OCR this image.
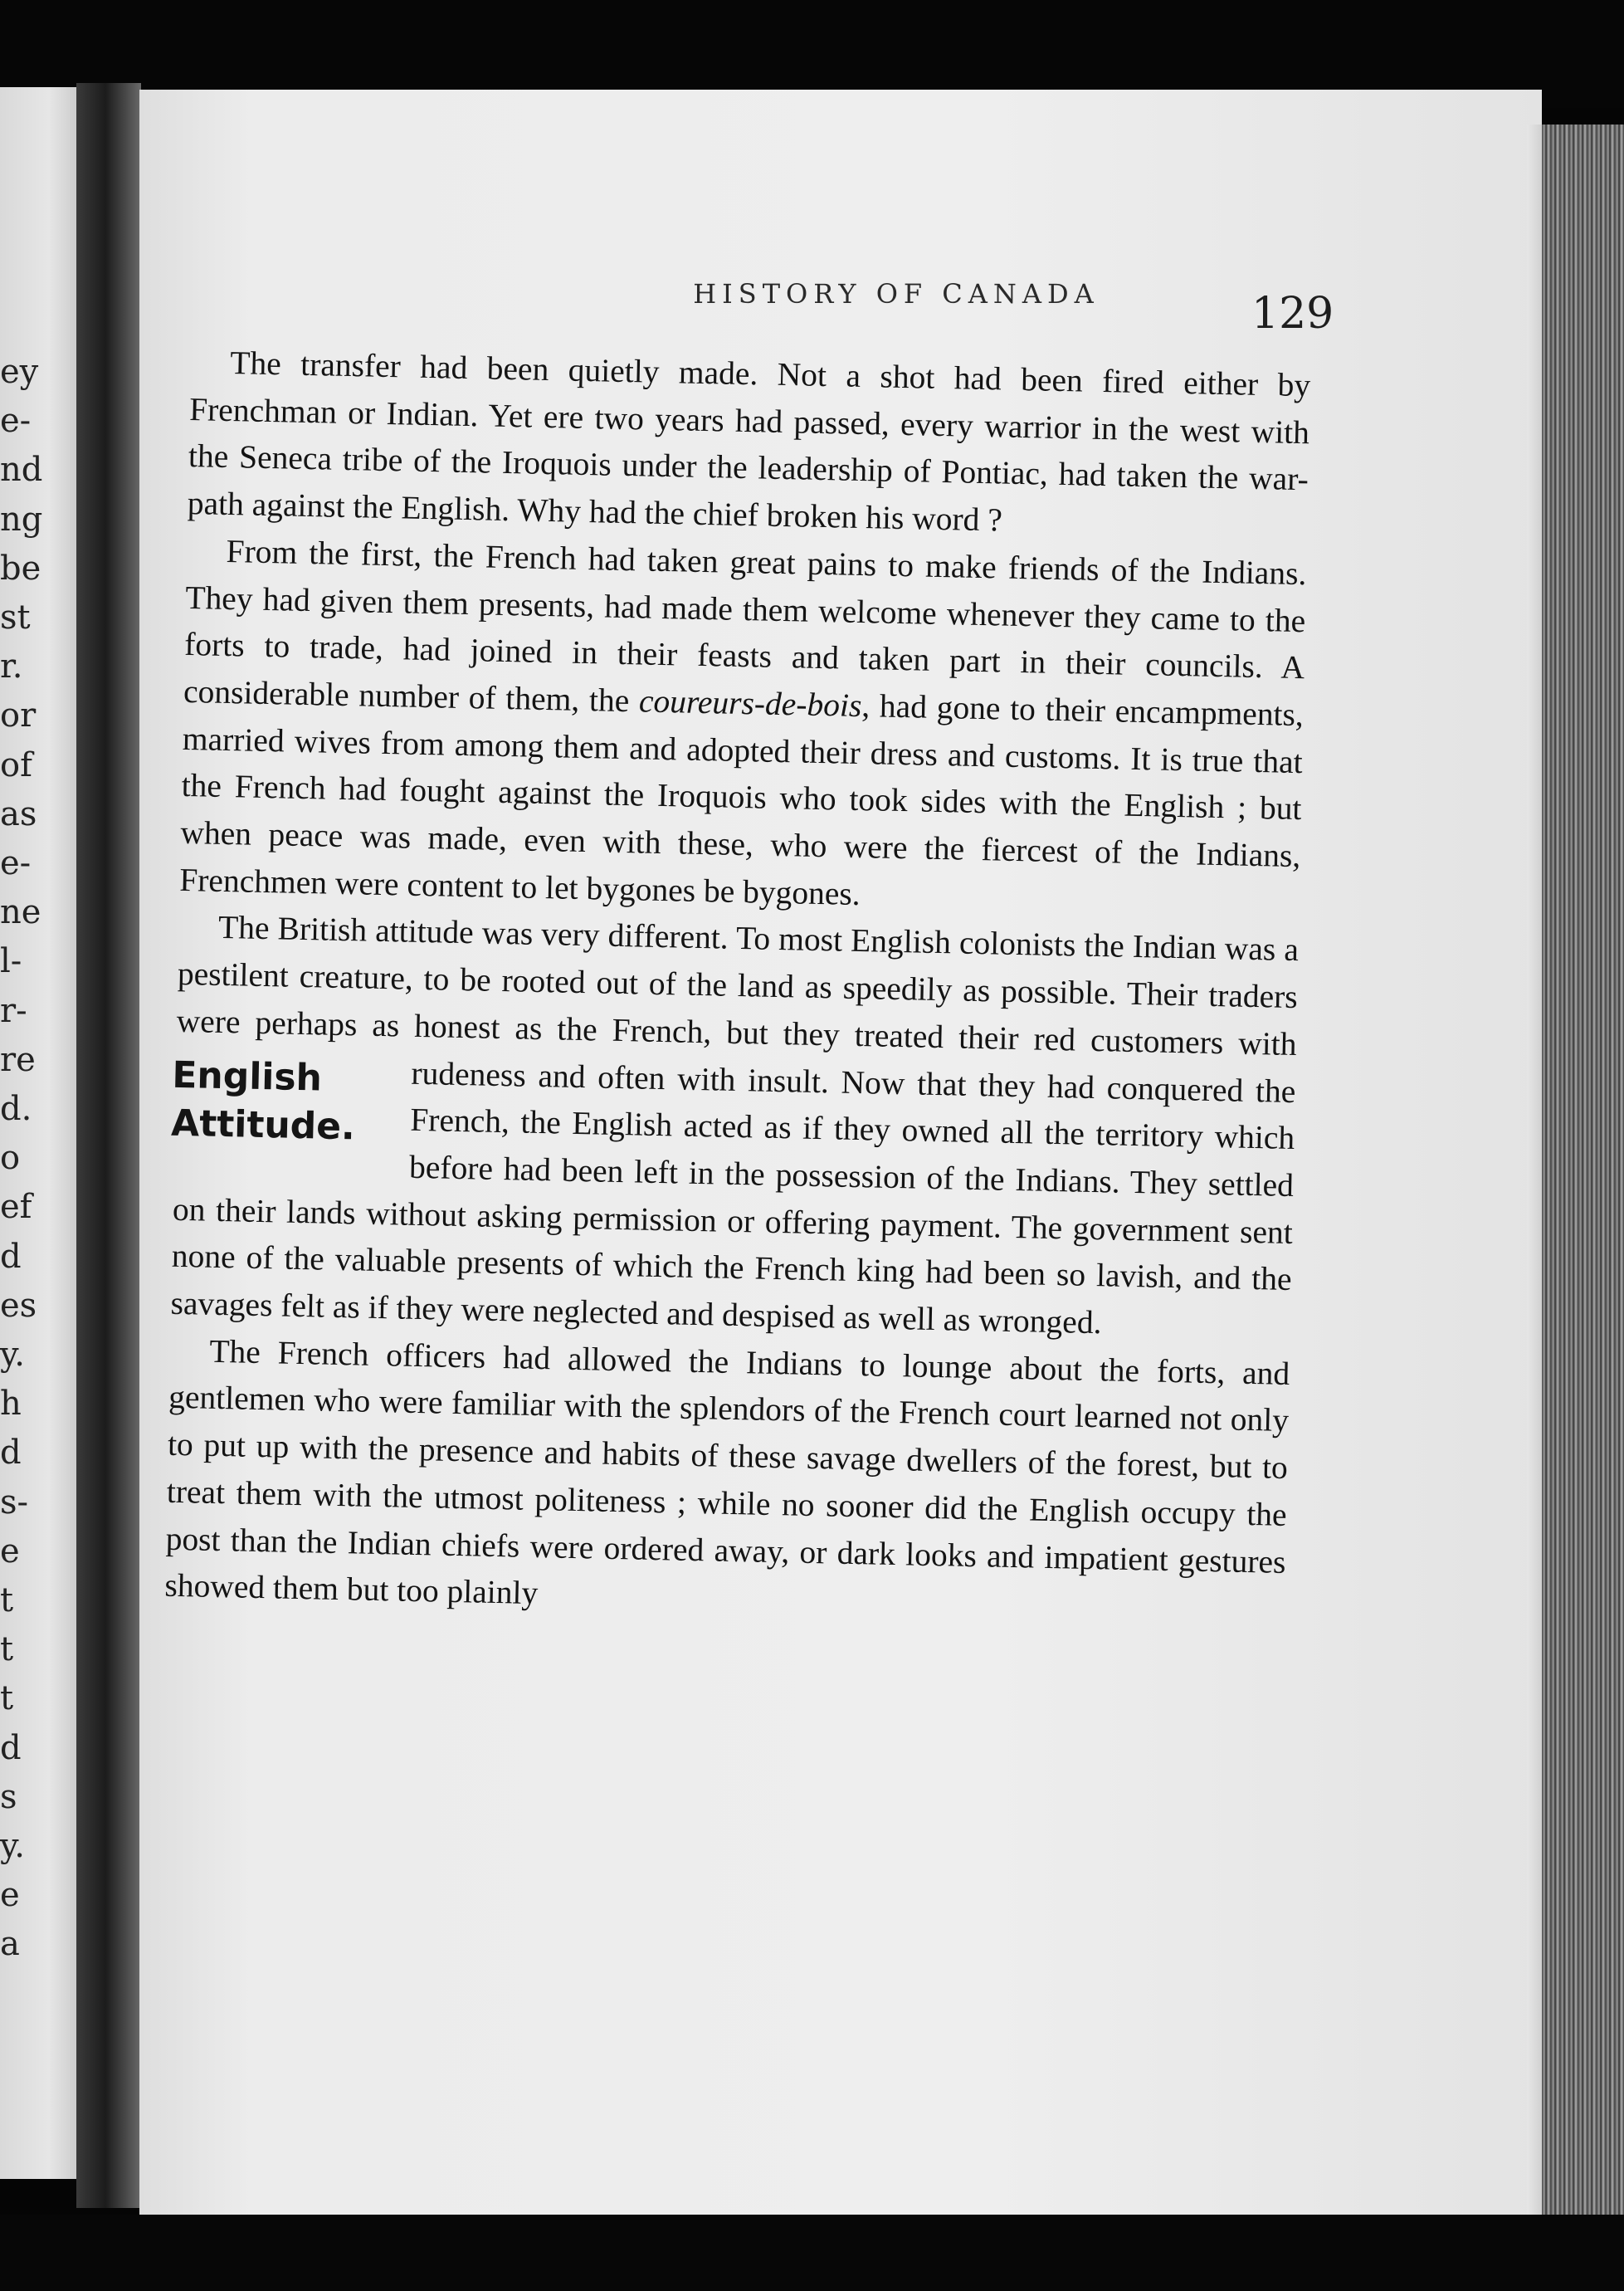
ey
e-
nd
ng
be
st
r.
or
of
as
e-
ne
l-
r-
re
d.
o
ef
d
es
y.
h
d
s-
e
t
t
t
d
s
y.
e
a
HISTORY OF CANADA	129

The transfer had been quietly made. Not a shot had been fired either by Frenchman or Indian. Yet ere two years had passed, every warrior in the west with the Seneca tribe of the Iroquois under the leadership of Pontiac, had taken the war-path against the English. Why had the chief broken his word ?

From the first, the French had taken great pains to make friends of the Indians. They had given them presents, had made them welcome whenever they came to the forts to trade, had joined in their feasts and taken part in their councils. A considerable number of them, the coureurs-de-bois, had gone to their encampments, married wives from among them and adopted their dress and customs. It is true that the French had fought against the Iroquois who took sides with the English ; but when peace was made, even with these, who were the fiercest of the Indians, Frenchmen were content to let bygones be bygones.

The British attitude was very different. To most English colonists the Indian was a pestilent creature, to be rooted out of the land as speedily as possible. Their traders were perhaps as honest as the French, but they treated their red customers with
English Attitude.
rudeness and often with insult. Now that they had conquered the French, the English acted as if they owned all the territory which before had been left in the possession of the Indians. They settled on their lands without asking permission or offering payment. The government sent none of the valuable presents of which the French king had been so lavish, and the savages felt as if they were neglected and despised as well as wronged.

The French officers had allowed the Indians to lounge about the forts, and gentlemen who were familiar with the splendors of the French court learned not only to put up with the presence and habits of these savage dwellers of the forest, but to treat them with the utmost politeness ; while no sooner did the English occupy the post than the Indian chiefs were ordered away, or dark looks and impatient gestures showed them but too plainly
